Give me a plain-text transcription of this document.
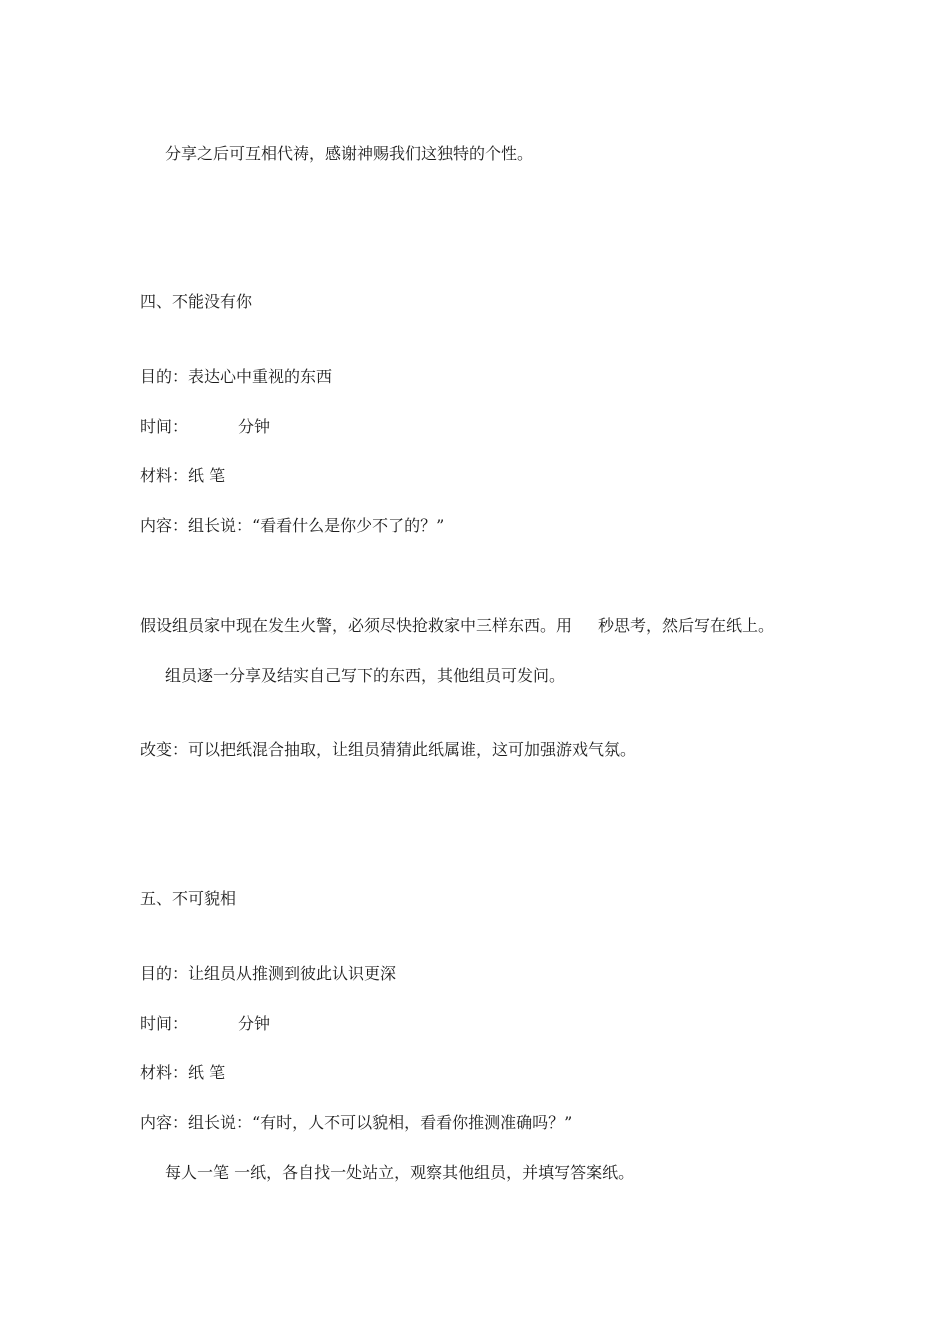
分享之后可互相代祷，感谢神赐我们这独特的个性。
四、不能没有你
目的：表达心中重视的东西
时间：	分钟
材料：纸 笔
内容：组长说：“看看什么是你少不了的？”
假设组员家中现在发生火警，必须尽快抢救家中三样东西。用 秒思考，然后写在纸上。
组员逐一分享及结实自己写下的东西，其他组员可发问。
改变：可以把纸混合抽取，让组员猜猜此纸属谁，这可加强游戏气氛。
五、不可貌相
目的：让组员从推测到彼此认识更深
时间：	分钟
材料：纸 笔
内容：组长说：“有时，人不可以貌相，看看你推测准确吗？”
每人一笔 一纸，各自找一处站立，观察其他组员，并填写答案纸。
